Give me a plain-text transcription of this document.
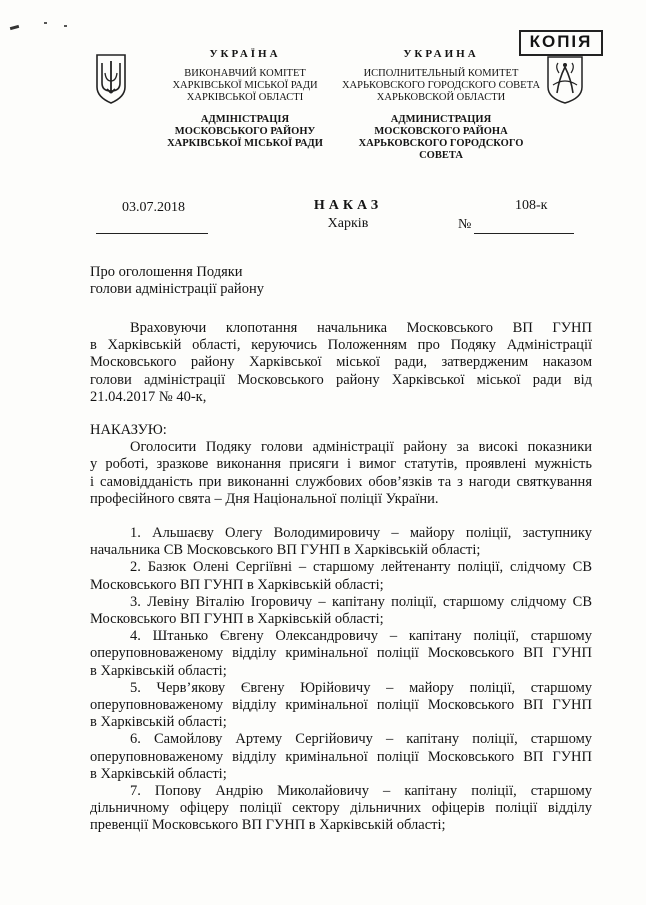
УКРАЇНА
ВИКОНАВЧИЙ КОМІТЕТ
ХАРКІВСЬКОЇ МІСЬКОЇ РАДИ
ХАРКІВСЬКОЇ ОБЛАСТІ
АДМІНІСТРАЦІЯ
МОСКОВСЬКОГО РАЙОНУ
ХАРКІВСЬКОЇ МІСЬКОЇ РАДИ
УКРАИНА
ИСПОЛНИТЕЛЬНЫЙ КОМИТЕТ
ХАРЬКОВСКОГО ГОРОДСКОГО СОВЕТА
ХАРЬКОВСКОЙ ОБЛАСТИ
АДМИНИСТРАЦИЯ
МОСКОВСКОГО РАЙОНА
ХАРЬКОВСКОГО ГОРОДСКОГО СОВЕТА
КОПІЯ
03.07.2018	НАКАЗ
Харків
108-к
№
Про оголошення Подяки
голови адміністрації району
Враховуючи клопотання начальника Московського ВП ГУНП
в Харківській області, керуючись Положенням про Подяку Адміністрації
Московського району Харківської міської ради, затвердженим наказом
голови адміністрації Московського району Харківської міської ради від
21.04.2017 № 40-к,
НАКАЗУЮ:
Оголосити Подяку голови адміністрації району за високі показники
у роботі, зразкове виконання присяги і вимог статутів, проявлені мужність
і самовідданість при виконанні службових обов’язків та з нагоди святкування
професійного свята – Дня Національної поліції України.
1. Альшаєву Олегу Володимировичу – майору поліції, заступнику
начальника СВ Московського ВП ГУНП в Харківській області;
2. Базюк Олені Сергіївні – старшому лейтенанту поліції, слідчому СВ
Московського ВП ГУНП в Харківській області;
3. Левіну Віталію Ігоровичу – капітану поліції, старшому слідчому СВ
Московського ВП ГУНП в Харківській області;
4. Штанько Євгену Олександровичу – капітану поліції, старшому
оперуповноваженому відділу кримінальної поліції Московського ВП ГУНП
в Харківській області;
5. Черв’якову Євгену Юрійовичу – майору поліції, старшому
оперуповноваженому відділу кримінальної поліції Московського ВП ГУНП
в Харківській області;
6. Самойлову Артему Сергійовичу – капітану поліції, старшому
оперуповноваженому відділу кримінальної поліції Московського ВП ГУНП
в Харківській області;
7. Попову Андрію Миколайовичу – капітану поліції, старшому
дільничному офіцеру поліції сектору дільничних офіцерів поліції відділу
превенції Московського ВП ГУНП в Харківській області;
